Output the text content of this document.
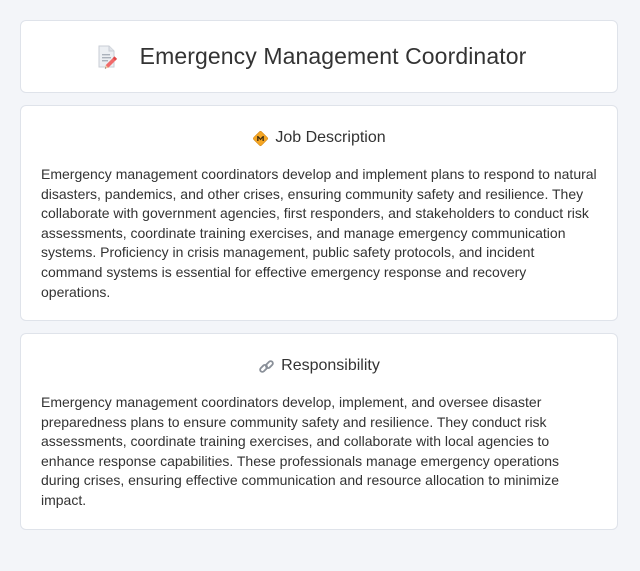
Emergency Management Coordinator
Job Description
Emergency management coordinators develop and implement plans to respond to natural disasters, pandemics, and other crises, ensuring community safety and resilience. They collaborate with government agencies, first responders, and stakeholders to conduct risk assessments, coordinate training exercises, and manage emergency communication systems. Proficiency in crisis management, public safety protocols, and incident command systems is essential for effective emergency response and recovery operations.
Responsibility
Emergency management coordinators develop, implement, and oversee disaster preparedness plans to ensure community safety and resilience. They conduct risk assessments, coordinate training exercises, and collaborate with local agencies to enhance response capabilities. These professionals manage emergency operations during crises, ensuring effective communication and resource allocation to minimize impact.
